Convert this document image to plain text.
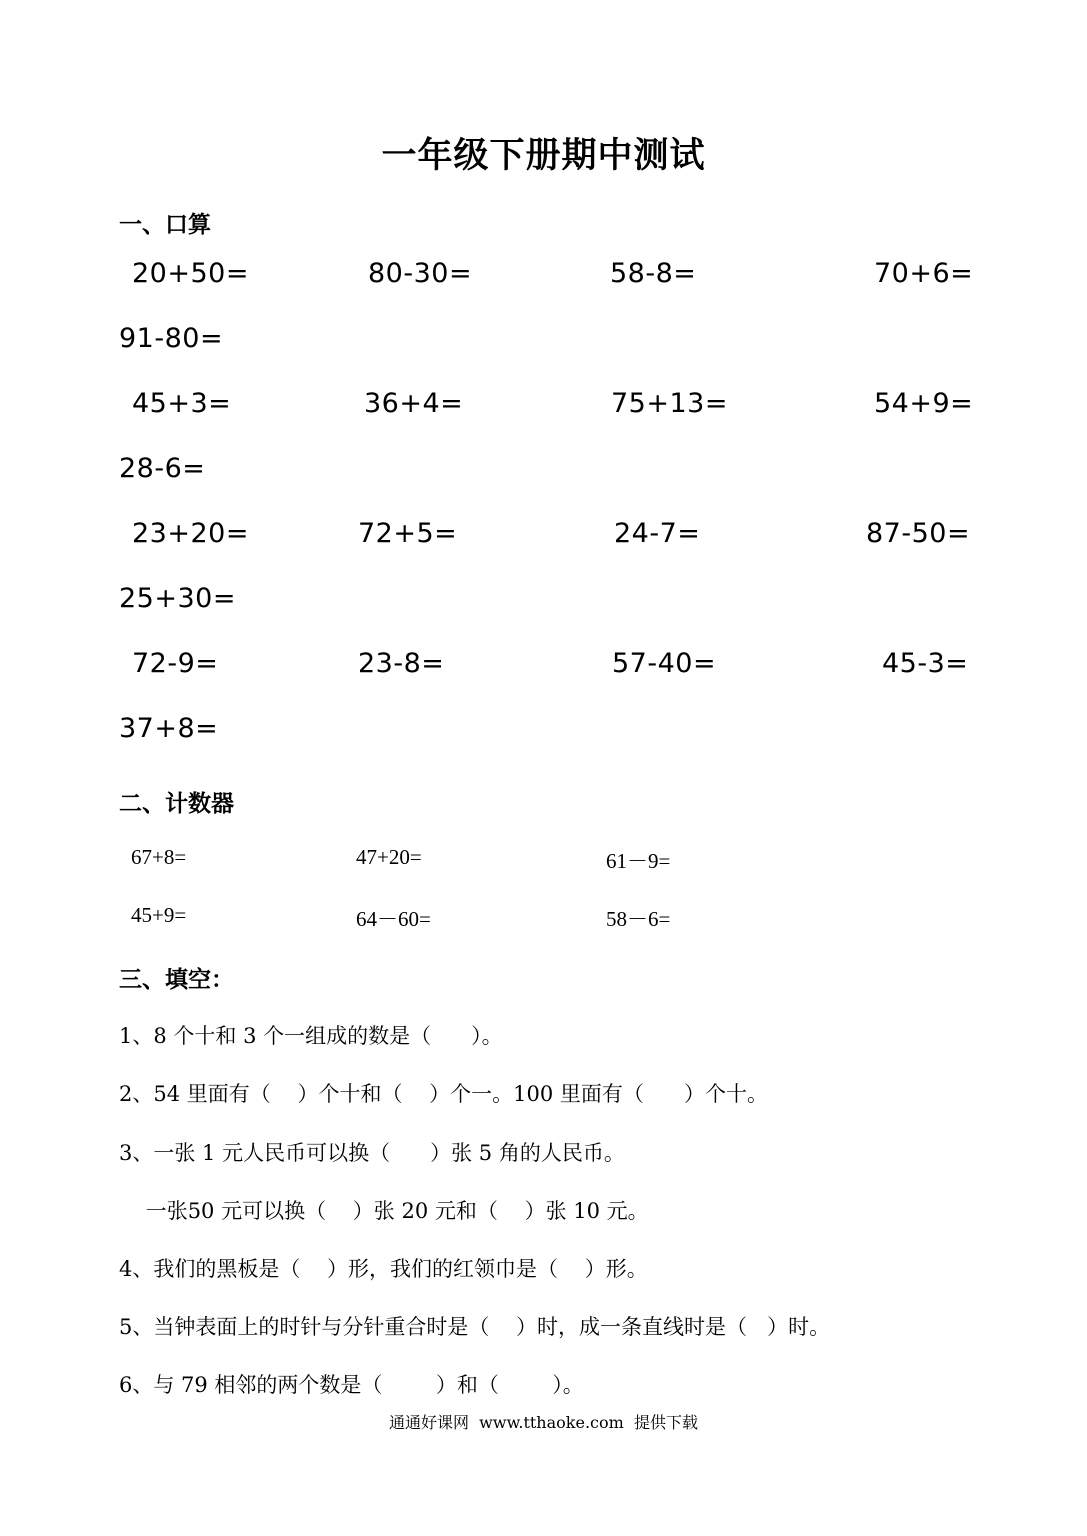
一年级下册期中测试
一、口算
20+50=	80-30=	58-8=	70+6=
91-80=
45+3=	36+4=	75+13=	54+9=
28-6=
23+20=	72+5=	24-7=	87-50=
25+30=
72-9=	23-8=	57-40=	45-3=
37+8=
二、计数器
67+8=	47+20=	61－9=
45+9=	64－60=	58－6=
三、填空：
1、8 个十和 3 个一组成的数是（      ）。
2、54 里面有（    ）个十和（    ）个一。100 里面有（      ）个十。
3、一张 1 元人民币可以换（      ）张 5 角的人民币。
一张50 元可以换（    ）张 20 元和（    ）张 10 元。
4、我们的黑板是（    ）形，我们的红领巾是（    ）形。
5、当钟表面上的时针与分针重合时是（    ）时，成一条直线时是（   ）时。
6、与 79 相邻的两个数是（        ）和（        ）。
通通好课网  www.tthaoke.com  提供下载
